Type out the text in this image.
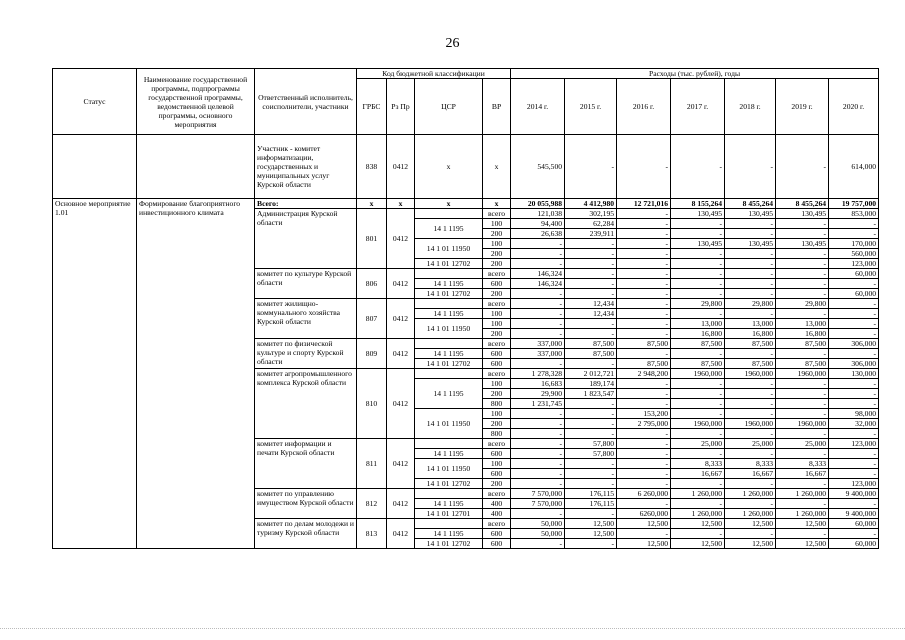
26
Статус	Наименование государственной программы, подпрограммы государственной программы, ведомственной целевой программы, основного мероприятия	Ответственный исполнитель, соисполнители, участники	Код бюджетной классификации				Расходы (тыс. рублей), годы						
			ГРБС	Рз Пр	ЦСР	ВР	2014 г.	2015 г.	2016 г.	2017 г.	2018 г.	2019 г.	2020 г.
		Участник - комитет информатизации, государственных и муниципальных услуг Курской области	838	0412	х	х	545,500	-	-	-	-	-	614,000
Основное мероприятие 1.01	Формирование благоприятного инвестиционного климата	Всего:	х	х	х	х	20 055,988	4 412,980	12 721,016	8 155,264	8 455,264	8 455,264	19 757,000
		Администрация Курской области	801	0412		всего	121,038	302,195	-	130,495	130,495	130,495	853,000
					14 1 1195	100	94,400	62,284	-	-	-	-	-
						200	26,638	239,911	-	-	-	-	-
					14 1 01 11950	100	-	-	-	130,495	130,495	130,495	170,000
						200	-	-	-	-	-	-	560,000
					14 1 01 12702	200	-	-	-	-	-	-	123,000
		комитет по культуре Курской области	806	0412		всего	146,324	-	-	-	-	-	60,000
					14 1 1195	600	146,324	-	-	-	-	-	-
					14 1 01 12702	200	-	-	-	-	-	-	60,000
		комитет жилищно-коммунального хозяйства Курской области	807	0412		всего	-	12,434	-	29,800	29,800	29,800	-
					14 1 1195	100	-	12,434	-	-	-	-	-
					14 1 01 11950	100	-	-	-	13,000	13,000	13,000	-
						200	-	-	-	16,800	16,800	16,800	-
		комитет по физической культуре и спорту Курской области	809	0412		всего	337,000	87,500	87,500	87,500	87,500	87,500	306,000
					14 1 1195	600	337,000	87,500	-	-	-	-	-
					14 1 01 12702	600	-	-	87,500	87,500	87,500	87,500	306,000
		комитет агропромышленного комплекса Курской области	810	0412		всего	1 278,328	2 012,721	2 948,200	1960,000	1960,000	1960,000	130,000
					14 1 1195	100	16,683	189,174	-	-	-	-	-
						200	29,900	1 823,547	-	-	-	-	-
						800	1 231,745	-	-	-	-	-	-
					14 1 01 11950	100	-	-	153,200	-	-	-	98,000
						200	-	-	2 795,000	1960,000	1960,000	1960,000	32,000
						800	-	-	-	-	-	-	-
		комитет информации и печати Курской области	811	0412		всего	-	57,800	-	25,000	25,000	25,000	123,000
					14 1 1195	600	-	57,800	-	-	-	-	-
					14 1 01 11950	100	-	-	-	8,333	8,333	8,333	-
						600	-	-	-	16,667	16,667	16,667	-
					14 1 01 12702	200	-	-	-	-	-	-	123,000
		комитет по управлению имуществом Курской области	812	0412		всего	7 570,000	176,115	6 260,000	1 260,000	1 260,000	1 260,000	9 400,000
					14 1 1195	400	7 570,000	176,115	-	-	-	-	-
					14 1 01 12701	400	-	-	6260,000	1 260,000	1 260,000	1 260,000	9 400,000
		комитет по делам молодежи и туризму Курской области	813	0412		всего	50,000	12,500	12,500	12,500	12,500	12,500	60,000
					14 1 1195	600	50,000	12,500	-	-	-	-	-
					14 1 01 12702	600	-	-	12,500	12,500	12,500	12,500	60,000
